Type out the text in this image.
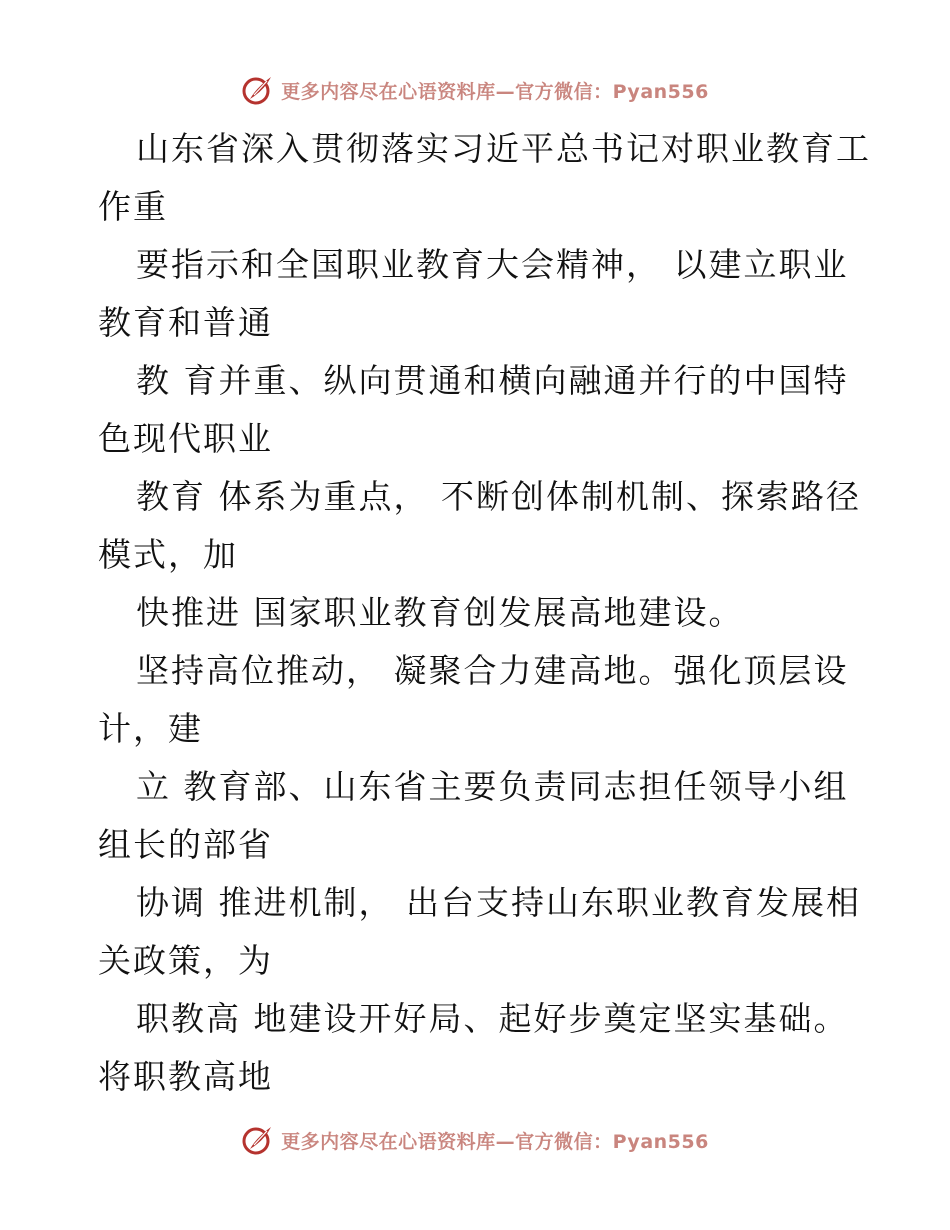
更多内容尽在心语资料库—官方微信：Pyan556
山东省深入贯彻落实习近平总书记对职业教育工
作重
要指示和全国职业教育大会精神， 以建立职业
教育和普通
教 育并重、纵向贯通和横向融通并行的中国特
色现代职业
教育 体系为重点， 不断创体制机制、探索路径
模式，加
快推进 国家职业教育创发展高地建设。
坚持高位推动， 凝聚合力建高地。强化顶层设
计，建
立 教育部、山东省主要负责同志担任领导小组
组长的部省
协调 推进机制， 出台支持山东职业教育发展相
关政策，为
职教高 地建设开好局、起好步奠定坚实基础。
将职教高地
更多内容尽在心语资料库—官方微信：Pyan556
